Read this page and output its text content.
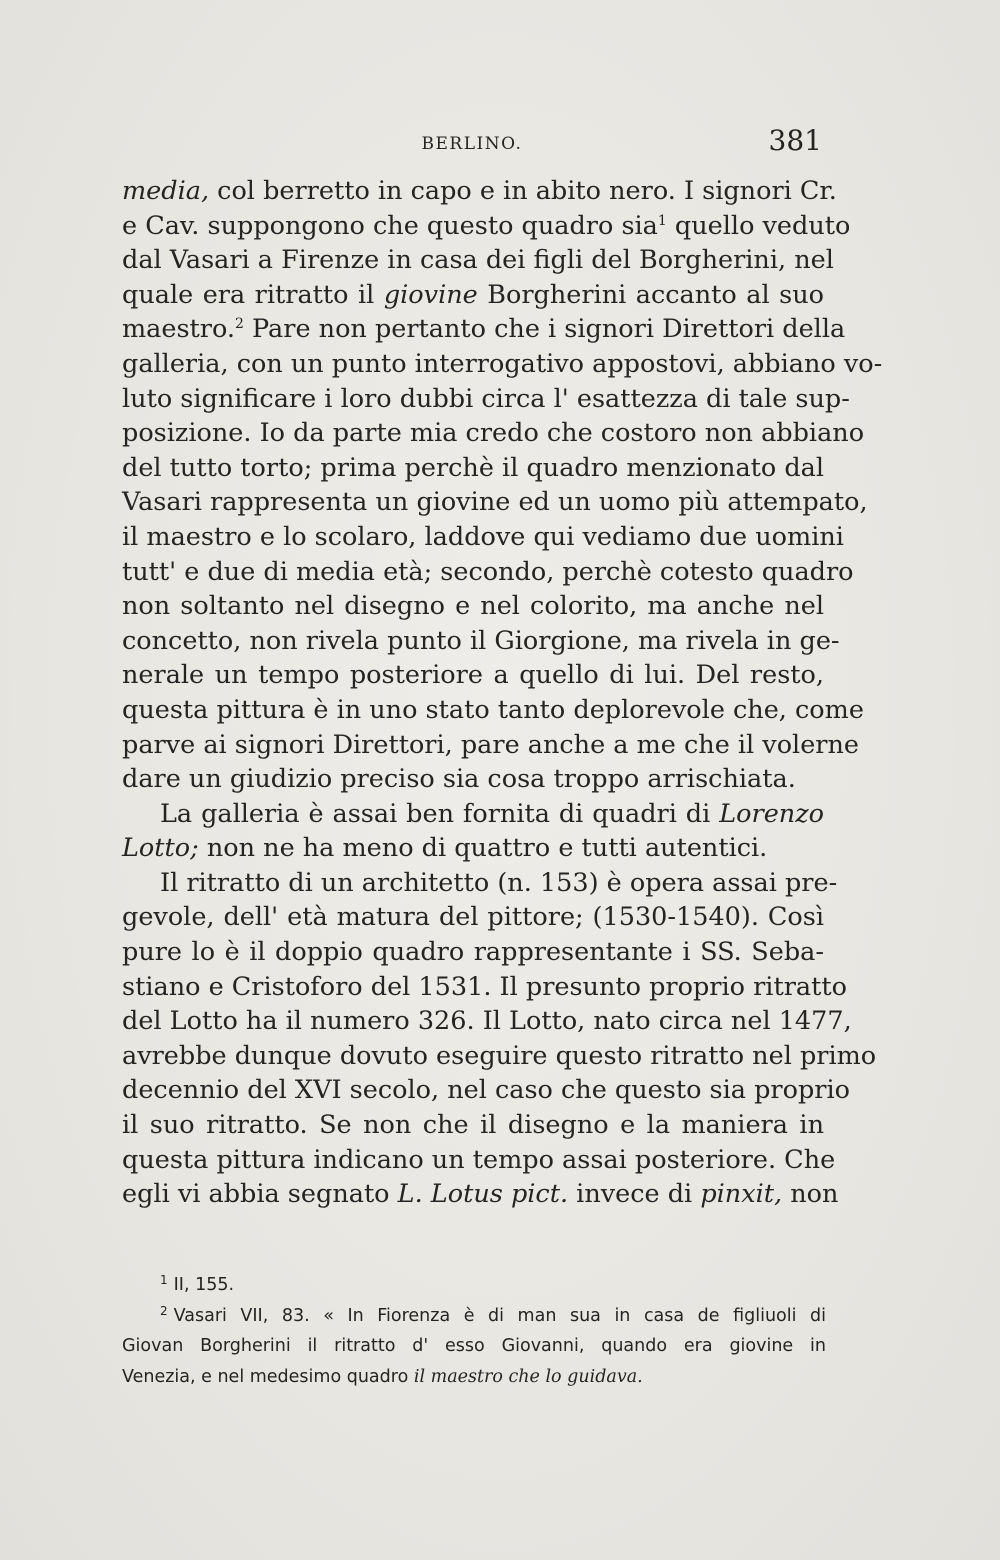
BERLINO.	381
media, col berretto in capo e in abito nero. I signori Cr.
e Cav. suppongono che questo quadro sia$^1$ quello veduto
dal Vasari a Firenze in casa dei figli del Borgherini, nel
quale era ritratto il giovine Borgherini accanto al suo
maestro.$^2$ Pare non pertanto che i signori Direttori della
galleria, con un punto interrogativo appostovi, abbiano vo-
luto significare i loro dubbi circa l' esattezza di tale sup-
posizione. Io da parte mia credo che costoro non abbiano
del tutto torto; prima perchè il quadro menzionato dal
Vasari rappresenta un giovine ed un uomo più attempato,
il maestro e lo scolaro, laddove qui vediamo due uomini
tutt' e due di media età; secondo, perchè cotesto quadro
non soltanto nel disegno e nel colorito, ma anche nel
concetto, non rivela punto il Giorgione, ma rivela in ge-
nerale un tempo posteriore a quello di lui. Del resto,
questa pittura è in uno stato tanto deplorevole che, come
parve ai signori Direttori, pare anche a me che il volerne
dare un giudizio preciso sia cosa troppo arrischiata.
La galleria è assai ben fornita di quadri di Lorenzo
Lotto; non ne ha meno di quattro e tutti autentici.
Il ritratto di un architetto (n. 153) è opera assai pre-
gevole, dell' età matura del pittore; (1530-1540). Così
pure lo è il doppio quadro rappresentante i SS. Seba-
stiano e Cristoforo del 1531. Il presunto proprio ritratto
del Lotto ha il numero 326. Il Lotto, nato circa nel 1477,
avrebbe dunque dovuto eseguire questo ritratto nel primo
decennio del XVI secolo, nel caso che questo sia proprio
il suo ritratto. Se non che il disegno e la maniera in
questa pittura indicano un tempo assai posteriore. Che
egli vi abbia segnato L. Lotus pict. invece di pinxit, non
$^1$ II, 155.
$^2$ Vasari VII, 83. « In Fiorenza è di man sua in casa de figliuoli di
Giovan Borgherini il ritratto d' esso Giovanni, quando era giovine in
Venezia, e nel medesimo quadro il maestro che lo guidava.
